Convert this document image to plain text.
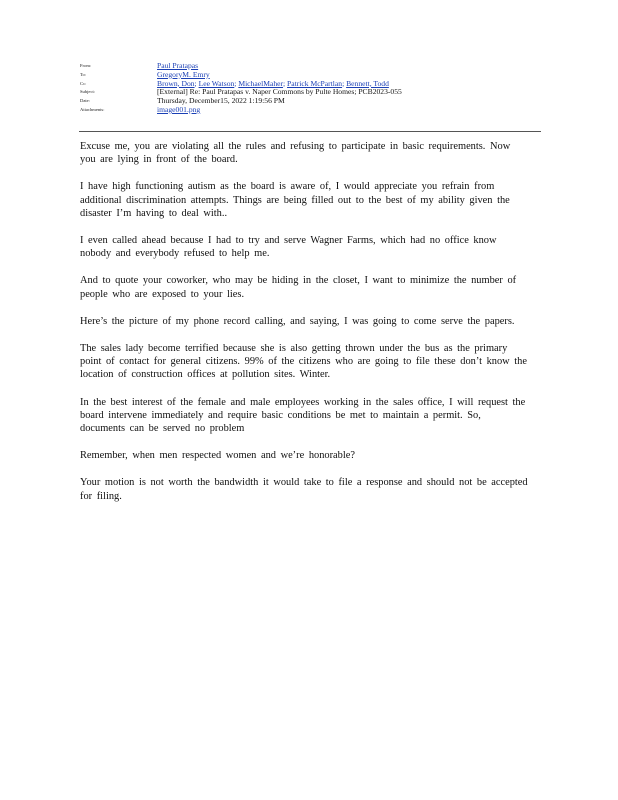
From:	Paul Pratapas
To:	GregoryM. Emry
Cc:	Brown, Don; Lee Watson; MichaelMaher; Patrick McPartlan; Bennett, Todd
Subject:	[External] Re: Paul Pratapas v. Naper Commons by Pulte Homes; PCB2023-055
Date:	Thursday, December15, 2022 1:19:56 PM
Attachments:	image001.png

Excuse me, you are violating all the rules and refusing to participate in basic requirements. Now you are lying in front of the board.

I have high functioning autism as the board is aware of, I would appreciate you refrain from additional discrimination attempts. Things are being filled out to the best of my ability given the disaster I’m having to deal with..

I even called ahead because I had to try and serve Wagner Farms, which had no office know nobody and everybody refused to help me.

And to quote your coworker, who may be hiding in the closet, I want to minimize the number of people who are exposed to your lies.

Here’s the picture of my phone record calling, and saying, I was going to come serve the papers.

The sales lady become terrified because she is also getting thrown under the bus as the primary point of contact for general citizens. 99% of the citizens who are going to file these don’t know the location of construction offices at pollution sites. Winter.

In the best interest of the female and male employees working in the sales office, I will request the board intervene immediately and require basic conditions be met to maintain a permit. So, documents can be served no problem

Remember, when men respected women and we’re honorable?

Your motion is not worth the bandwidth it would take to file a response and should not be accepted for filing.
